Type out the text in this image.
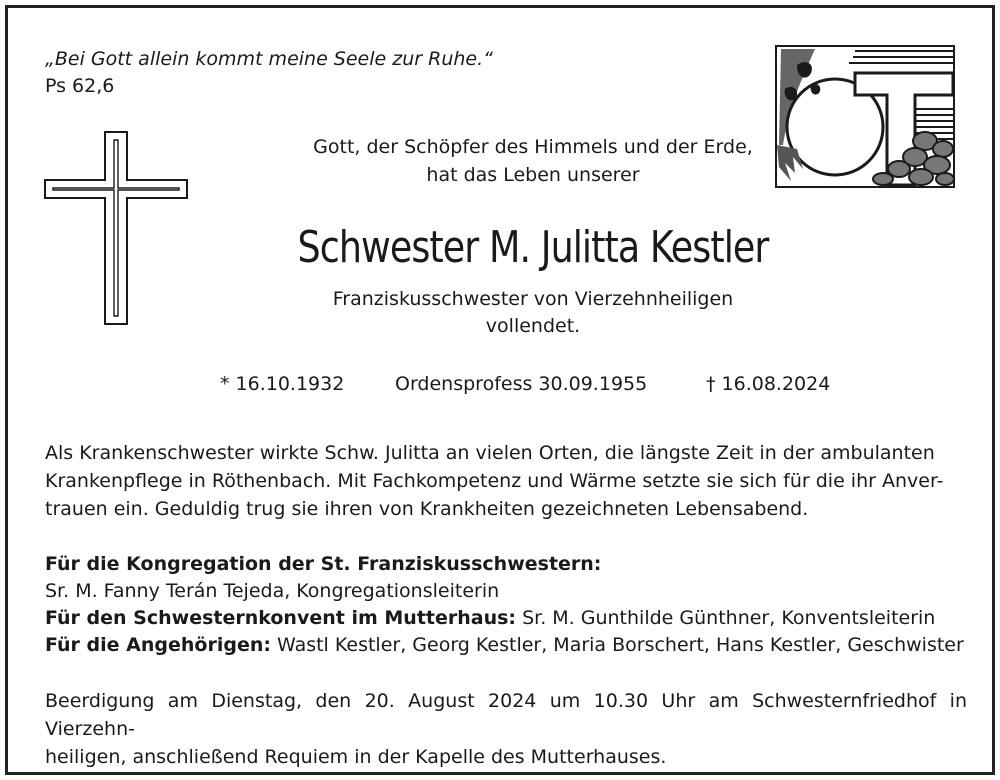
„Bei Gott allein kommt meine Seele zur Ruhe.“

Ps 62,6

Gott, der Schöpfer des Himmels und der Erde,

hat das Leben unserer

Schwester M. Julitta Kestler

Franziskusschwester von Vierzehnheiligen

vollendet.

* 16.10.1932	Ordensprofess 30.09.1955	† 16.08.2024

Als Krankenschwester wirkte Schw. Julitta an vielen Orten, die längste Zeit in der ambulanten
Krankenpflege in Röthenbach. Mit Fachkompetenz und Wärme setzte sie sich für die ihr Anver-
trauen ein. Geduldig trug sie ihren von Krankheiten gezeichneten Lebensabend.

Für die Kongregation der St. Franziskusschwestern:

Sr. M. Fanny Terán Tejeda, Kongregationsleiterin

Für den Schwesternkonvent im Mutterhaus: Sr. M. Gunthilde Günthner, Konventsleiterin

Für die Angehörigen: Wastl Kestler, Georg Kestler, Maria Borschert, Hans Kestler, Geschwister

Beerdigung am Dienstag, den 20. August 2024 um 10.30 Uhr am Schwesternfriedhof in Vierzehn-
heiligen, anschließend Requiem in der Kapelle des Mutterhauses.
